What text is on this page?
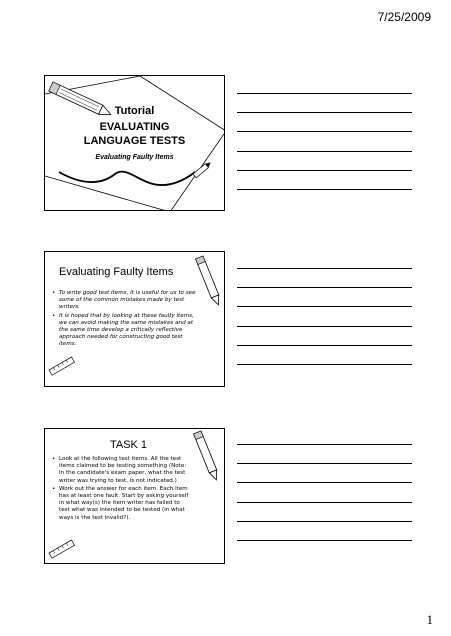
7/25/2009
Tutorial
EVALUATING
LANGUAGE TESTS
Evaluating Faulty Items
Evaluating Faulty Items
• To write good test items, it is useful for us to see some of the common mistakes made by test writers.
• It is hoped that by looking at these faulty items, we can avoid making the same mistakes and at the same time develop a critically reflective approach needed for constructing good test items.
TASK 1
• Look at the following test items. All the test items claimed to be testing something (Note: In the candidate's exam paper, what the test writer was trying to test, is not indicated.)
• Work out the answer for each item. Each item has at least one fault. Start by asking yourself in what way(s) the item writer has failed to test what was intended to be tested (in what ways is the test invalid?).
1
